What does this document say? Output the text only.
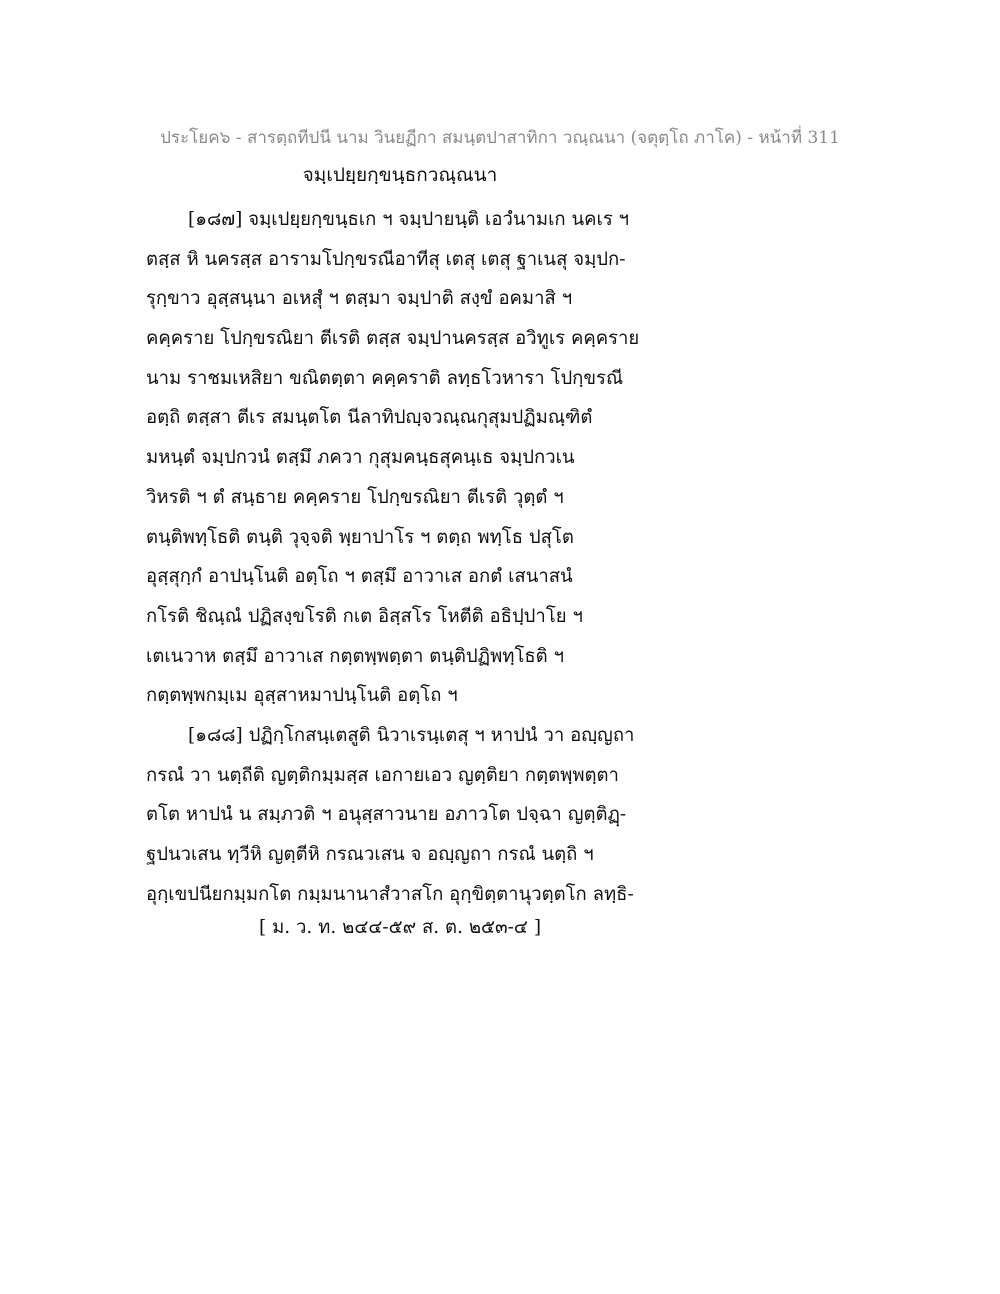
ประโยค๖ - สารตฺถทีปนี นาม วินยฏีกา สมนฺตปาสาทิกา วณฺณนา (จตุตฺโถ ภาโค) - หน้าที่ 311
จมฺเปยฺยกฺขนฺธกวณฺณนา
[๑๘๗] จมฺเปยฺยกฺขนฺธเก ฯ จมฺปายนฺติ เอวํนามเก นคเร ฯ
ตสฺส หิ นครสฺส อารามโปกฺขรณีอาทีสุ เตสุ เตสุ ฐาเนสุ จมฺปก-
รุกฺขาว อุสฺสนฺนา อเหสุํ ฯ ตสฺมา จมฺปาติ สงฺขํ อคมาสิ ฯ
คคฺคราย โปกฺขรณิยา ตีเรติ ตสฺส จมฺปานครสฺส อวิทูเร คคฺคราย
นาม ราชมเหสิยา ขณิตตฺตา คคฺคราติ ลทฺธโวหารา โปกฺขรณี
อตฺถิ ตสฺสา ตีเร สมนฺตโต นีลาทิปญฺจวณฺณกุสุมปฏิมณฺฑิตํ
มหนฺตํ จมฺปกวนํ ตสฺมึ ภควา กุสุมคนฺธสุคนฺเธ จมฺปกวเน
วิหรติ ฯ ตํ สนฺธาย คคฺคราย โปกฺขรณิยา ตีเรติ วุตฺตํ ฯ
ตนฺติพทฺโธติ ตนฺติ วุจฺจติ พฺยาปาโร ฯ ตตฺถ พทฺโธ ปสุโต
อุสฺสุกฺกํ อาปนฺโนติ อตฺโถ ฯ ตสฺมึ อาวาเส อกตํ เสนาสนํ
กโรติ ชิณฺณํ ปฏิสงฺขโรติ กเต อิสฺสโร โหตีติ อธิปฺปาโย ฯ
เตเนวาห ตสฺมึ อาวาเส กตฺตพฺพตฺตา ตนฺติปฏิพทฺโธติ ฯ
กตฺตพฺพกมฺเม อุสฺสาหมาปนฺโนติ อตฺโถ ฯ
[๑๘๘] ปฏิกฺโกสนฺเตสูติ นิวาเรนฺเตสุ ฯ หาปนํ วา อญฺญถา
กรณํ วา นตฺถีติ ญตฺติกมฺมสฺส เอกายเอว ญตฺติยา กตฺตพฺพตฺตา
ตโต หาปนํ น สมฺภวติ ฯ อนุสฺสาวนาย อภาวโต ปจฺฉา ญตฺติฏฺ-
ฐปนวเสน ทฺวีหิ ญตฺตีหิ กรณวเสน จ อญฺญถา กรณํ นตฺถิ ฯ
อุกฺเขปนียกมฺมกโต กมฺมนานาสํวาสโก อุกฺขิตฺตานุวตฺตโก ลทฺธิ-
[ ม. ว. ท. ๒๔๔-๕๙ ส. ต. ๒๕๓-๔ ]
